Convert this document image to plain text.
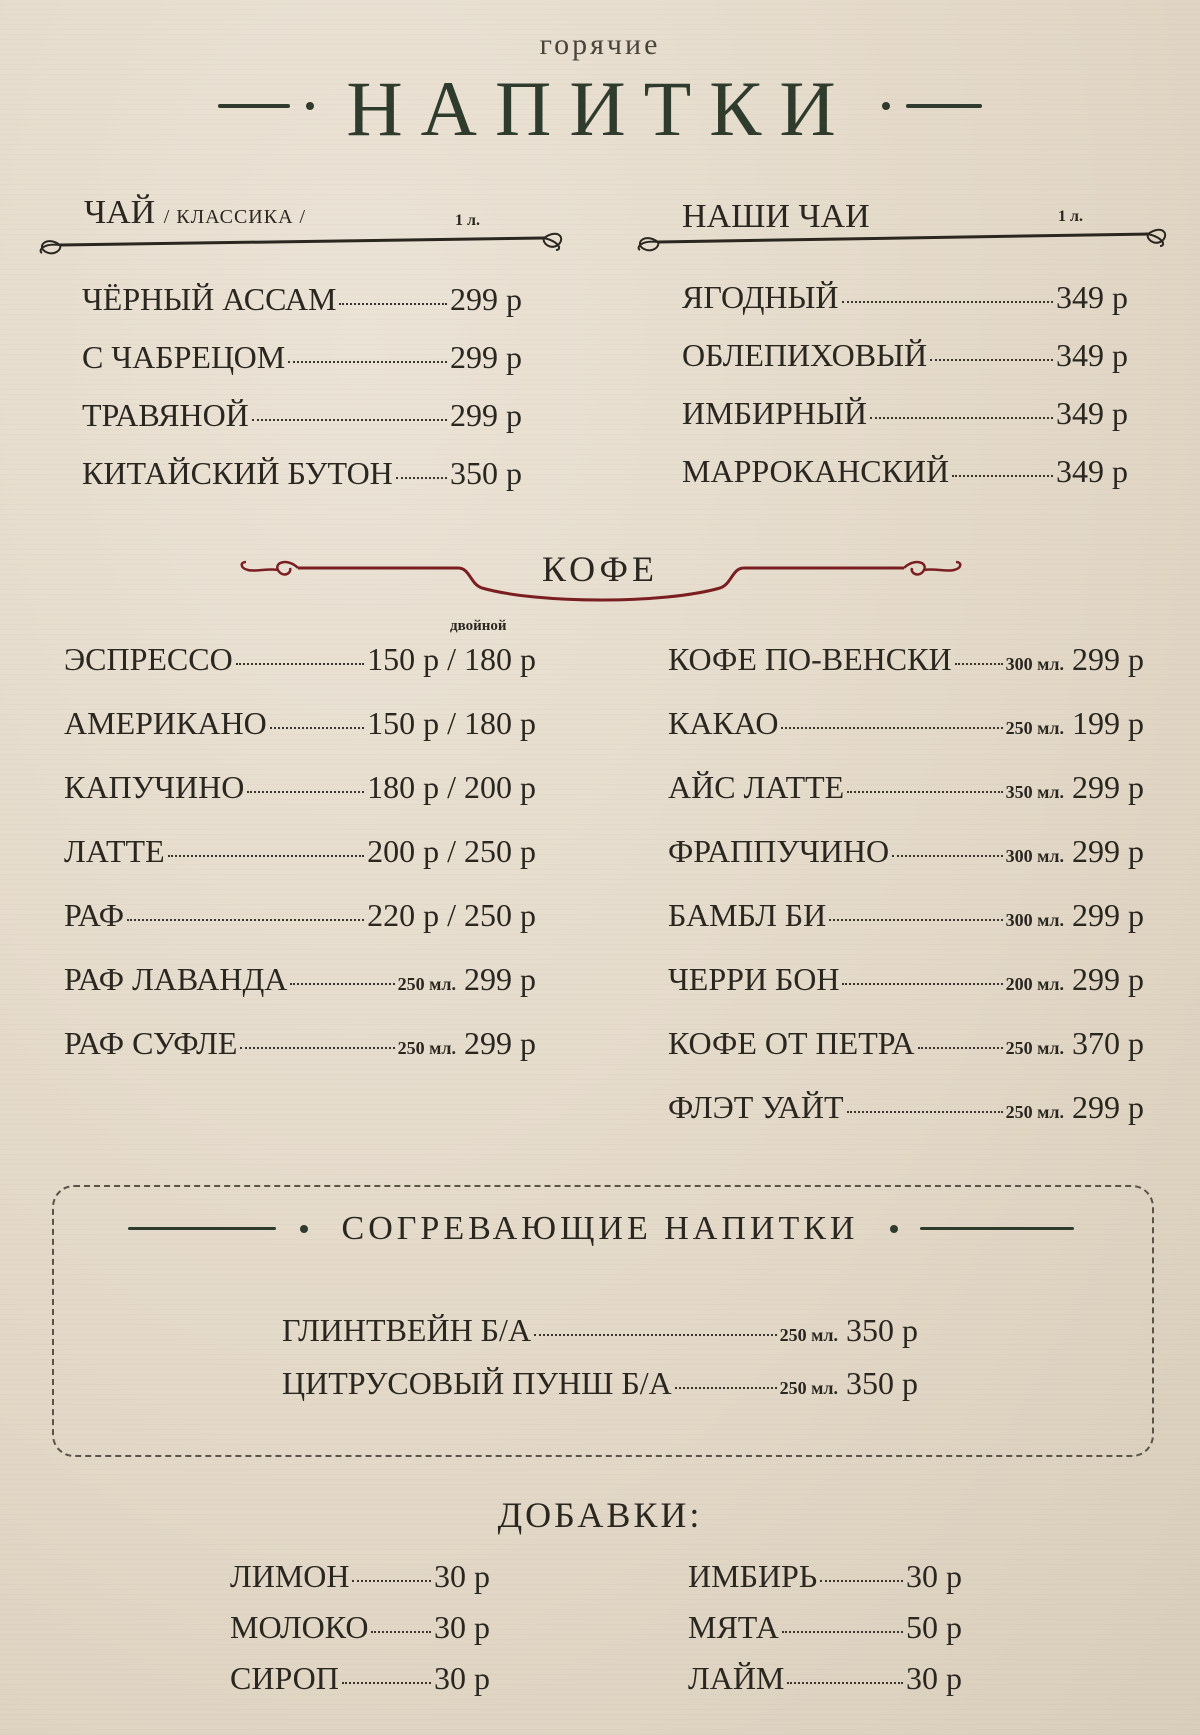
горячие
НАПИТКИ
ЧАЙ / КЛАССИКА /	1 л.
ЧЁРНЫЙ АССАМ	299 р
С ЧАБРЕЦОМ	299 р
ТРАВЯНОЙ	299 р
КИТАЙСКИЙ БУТОН 350 р
НАШИ ЧАИ	1 л.
ЯГОДНЫЙ	349 р
ОБЛЕПИХОВЫЙ	349 р
ИМБИРНЫЙ	349 р
МАРРОКАНСКИЙ	349 р
КОФЕ
двойной
ЭСПРЕССО	150 р / 180 р
АМЕРИКАНО	150 р / 180 р
КАПУЧИНО	180 р / 200 р
ЛАТТЕ	200 р / 250 р
РАФ	220 р / 250 р
РАФ ЛАВАНДА	250 мл. 299 р
РАФ СУФЛЕ	250 мл. 299 р
КОФЕ ПО-ВЕНСКИ	300 мл. 299 р
КАКАО	250 мл. 199 р
АЙС ЛАТТЕ	350 мл. 299 р
ФРАППУЧИНО	300 мл. 299 р
БАМБЛ БИ	300 мл. 299 р
ЧЕРРИ БОН	200 мл. 299 р
КОФЕ ОТ ПЕТРА	250 мл. 370 р
ФЛЭТ УАЙТ	250 мл. 299 р
СОГРЕВАЮЩИЕ НАПИТКИ
ГЛИНТВЕЙН Б/А	250 мл. 350 р
ЦИТРУСОВЫЙ ПУНШ Б/А	250 мл. 350 р
ДОБАВКИ:
ЛИМОН	30 р
МОЛОКО 30 р
СИРОП	30 р
ИМБИРЬ	30 р
МЯТА	50 р
ЛАЙМ	30 р
